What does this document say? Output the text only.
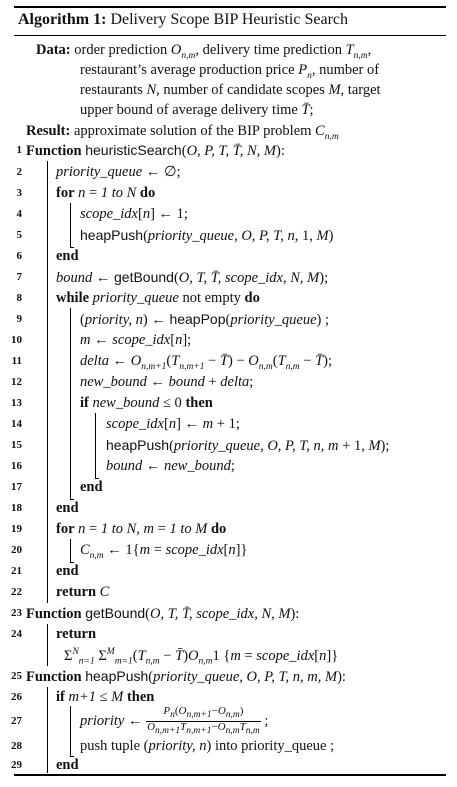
Algorithm 1: Delivery Scope BIP Heuristic Search
Data: order prediction $O_{n,m}$, delivery time prediction $T_{n,m}$,
restaurant’s average production price $P_n$, number of
restaurants N, number of candidate scopes M, target
upper bound of average delivery time T̄;
Result: approximate solution of the BIP problem $C_{n,m}$
1
2
3
4
5
6
7
8
9
10
11
12
13
14
15
16
17
18
19
20
21
22
23
24
25
26
27
28
29
Function heuristicSearch(O, P, T, T̄, N, M):
priority_queue ← ∅;
for n = 1 to N do
scope_idx[n] ← 1;
heapPush(priority_queue, O, P, T, n, 1, M)
end
bound ← getBound(O, T, T̄, scope_idx, N, M);
while priority_queue not empty do
(priority, n) ← heapPop(priority_queue) ;
m ← scope_idx[n];
delta ← $O_{n,m+1}(T_{n,m+1}$ − T̄) − $O_{n,m}(T_{n,m}$ − T̄);
new_bound ← bound + delta;
if new_bound ≤ 0 then
scope_idx[n] ← m + 1;
heapPush(priority_queue, O, P, T, n, m + 1, M);
bound ← new_bound;
end
end
for n = 1 to N, m = 1 to M do
$C_{n,m}$ ← 1{m = scope_idx[n]}
end
return C
Function getBound(O, T, T̄, scope_idx, N, M):
return
$\Sigma^N_{n=1}$ $\Sigma^M_{m=1}(T_{n,m}$ − $T̄)O_{n,m}1$ {m = scope_idx[n]}
Function heapPush(priority_queue, O, P, T, n, m, M):
if m+1 ≤ M then
priority ← $\frac{P_n(O_{n,m+1}-O_{n,m})}{O_{n,m+1}T_{n,m+1}-O_{n,m}T_{n,m}}$ ;
push tuple (priority, n) into priority_queue ;
end
